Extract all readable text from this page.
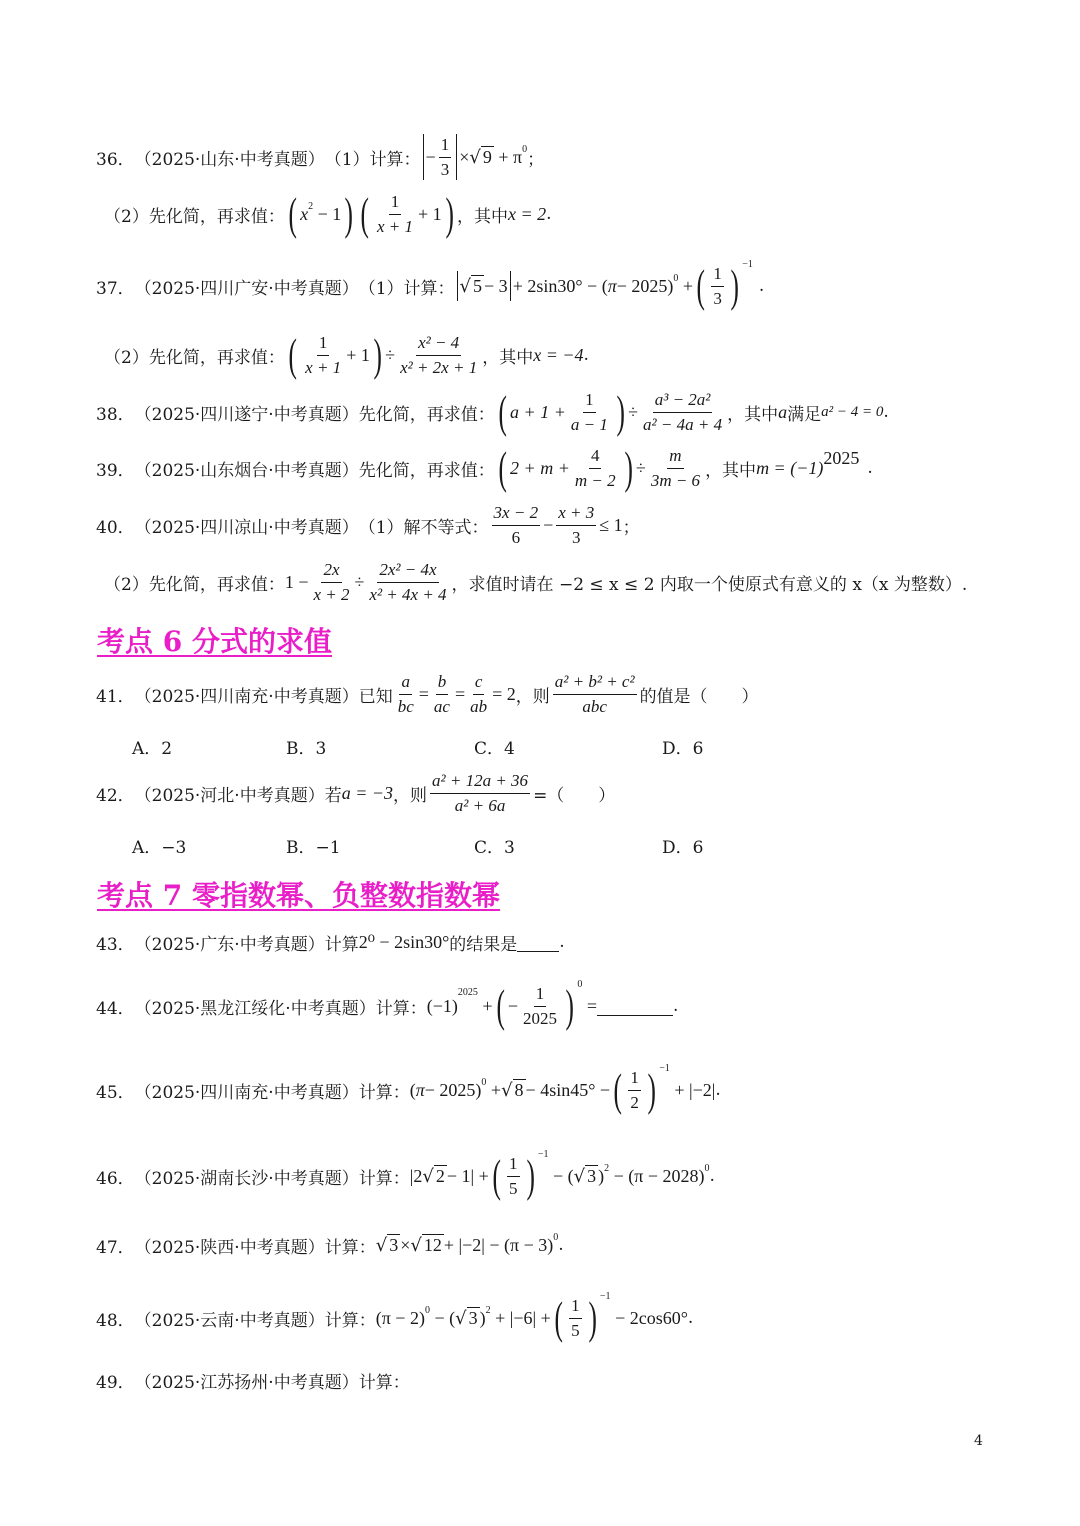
36． （2025·山东·中考真题） （1）计算： − $\frac{1}{3}$ × √ $9 + \pi^0$
；
（2）先化简，再求值： ( x $^2$ − 1 ) ( $\frac{1}{x + 1} + 1$ ) ，其中 x = 2 .
37． （2025·四川广安·中考真题） （1）计算： √ 5 − 3 + 2sin30° − ( π − 2025)$^0$ + ( $\frac{1}{3}$ ) $^{-1}$
.
（2）先化简，再求值： ( $\frac{1}{x + 1} + 1$ ) ÷ $\frac{\text{x² − 4}}{\text{x² + 2x + 1}}$ ，其中 x = −4 .
38． （2025·四川遂宁·中考真题） 先化简，再求值： ( $a + 1 + \frac{1}{a - 1}$ ) ÷ $\frac{\text{a³ − 2a²}}{\text{a² − 4a + 4}}$ ，其中 a 满足 a² − 4 = 0 .
39． （2025·山东烟台·中考真题） 先化简，再求值： ( $2 + m + \frac{4}{m - 2}$ ) ÷ $\frac{m}{3m - 6}$ ，其中 $m = (-1)^{2025}$
.
40． （2025·四川凉山·中考真题） （1）解不等式： $\frac{3x - 2}{6} - \frac{x + 3}{3} \le 1$ ；
（2）先化简，再求值： $1 - \frac{2x}{x + 2} \div \frac{\text{2x² − 4x}}{\text{x² + 4x + 4}}$ ，求值时请在 −2 ≤ x ≤ 2 内取一个使原式有意义的 x（x 为整数）.
考点 6 分式的求值
41． （2025·四川南充·中考真题） 已知 $\frac{a}{bc} = \frac{b}{ac} = \frac{c}{ab} = 2$ ，则 $\frac{\text{a² + b² + c²}}{\text{abc}}$ 的值是（　　）
A．2	B．3	C．4	D．6
42． （2025·河北·中考真题） 若 a = −3 ，则 $\frac{\text{a² + 12a + 36}}{\text{a² + 6a}}$ =（　　）
A．−3	B．−1	C．3	D．6
考点 7 零指数幂、负整数指数幂
43． （2025·广东·中考真题） 计算 2⁰ − 2sin30° 的结果是 .
44． （2025·黑龙江绥化·中考真题） 计算： $(-1)^{2025}$ + ( − $\frac{1}{2025}$ ) $^0$ =	.
45． （2025·四川南充·中考真题） 计算： ( π − 2025)$^0$ + √ 8 − 4sin45° − ( $\frac{1}{2}$ ) $^{-1}$ + |−2| .
46． （2025·湖南长沙·中考真题） 计算： |2 √ 2 − 1| + ( $\frac{1}{5}$ ) $^{-1}$ − ( √ 3 )$^2 - (\pi - 2028)^0$ .
47． （2025·陕西·中考真题） 计算： √ 3 × √ $12 + |-2| - (\pi - 3)^0$ .
48． （2025·云南·中考真题） 计算： $(\pi - 2)^0$ − ( √ 3 )$^2$ + |−6| + ( $\frac{1}{5}$ ) $^{-1}$ − 2cos60° .
49． （2025·江苏扬州·中考真题） 计算：
4
